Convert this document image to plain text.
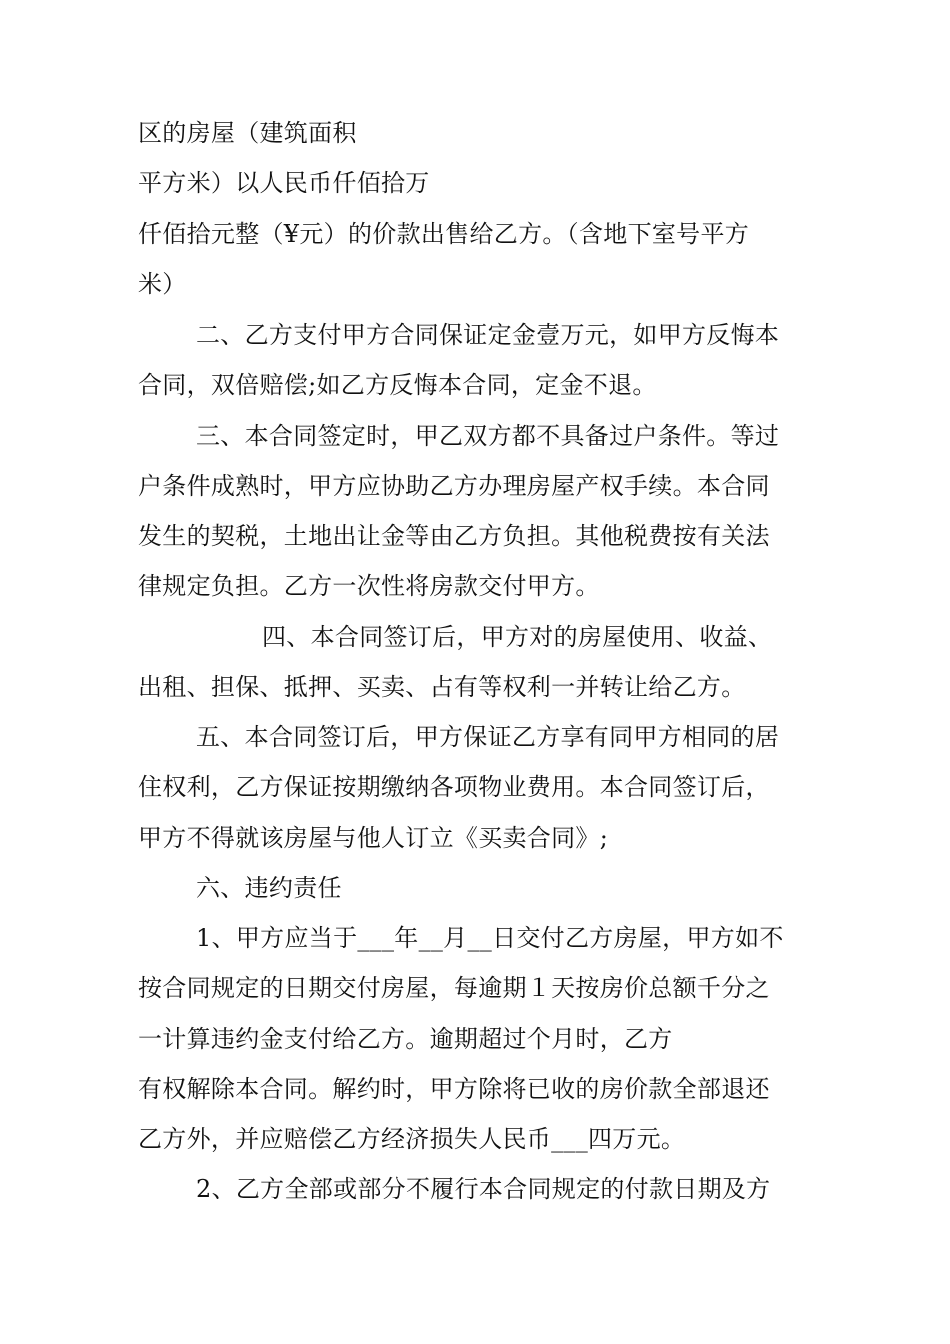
区的房屋（建筑面积
平方米）以人民币仟佰拾万
仟佰拾元整（¥元）的价款出售给乙方。（含地下室号平方
米）
二、乙方支付甲方合同保证定金壹万元，如甲方反悔本
合同，双倍赔偿;如乙方反悔本合同，定金不退。
三、本合同签定时，甲乙双方都不具备过户条件。等过
户条件成熟时，甲方应协助乙方办理房屋产权手续。本合同
发生的契税，土地出让金等由乙方负担。其他税费按有关法
律规定负担。乙方一次性将房款交付甲方。
四、本合同签订后，甲方对的房屋使用、收益、
出租、担保、抵押、买卖、占有等权利一并转让给乙方。
五、本合同签订后，甲方保证乙方享有同甲方相同的居
住权利，乙方保证按期缴纳各项物业费用。本合同签订后，
甲方不得就该房屋与他人订立《买卖合同》;
六、违约责任
1、甲方应当于___年__月__日交付乙方房屋，甲方如不
按合同规定的日期交付房屋，每逾期１天按房价总额千分之
一计算违约金支付给乙方。逾期超过个月时，乙方
有权解除本合同。解约时，甲方除将已收的房价款全部退还
乙方外，并应赔偿乙方经济损失人民币___四万元。
2、乙方全部或部分不履行本合同规定的付款日期及方
